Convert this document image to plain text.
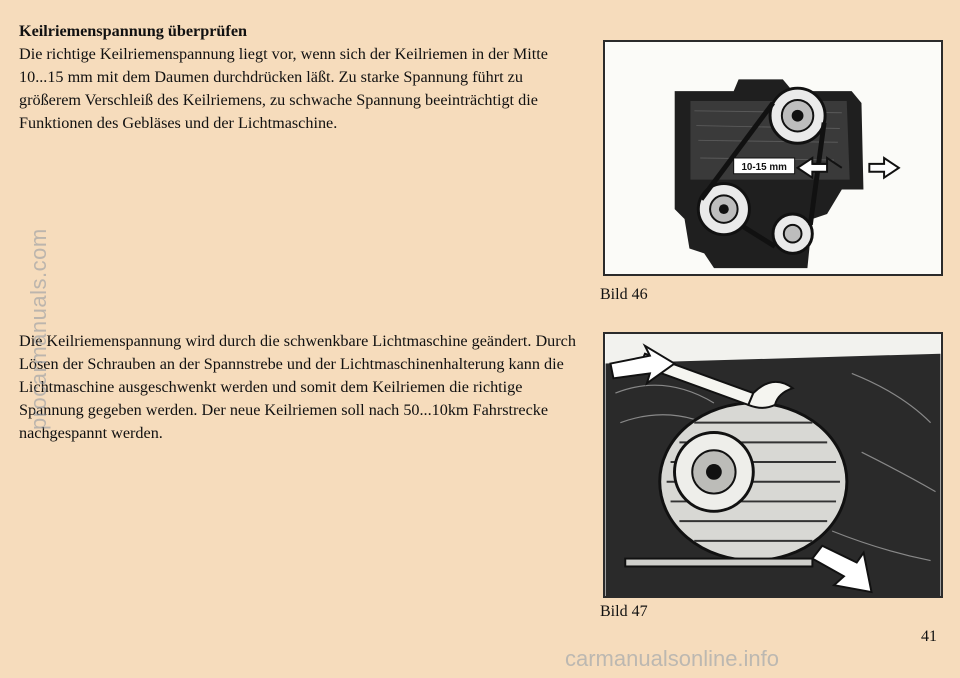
Keilriemenspannung überprüfen

Die richtige Keilriemenspannung liegt vor, wenn sich der Keilriemen in der Mitte 10...15 mm mit dem Daumen durchdrücken läßt. Zu starke Spannung führt zu größerem Verschleiß des Keilriemens, zu schwache Spannung beeinträchtigt die Funktionen des Gebläses und der Lichtmaschine.

10-15 mm
Bild 46

Die Keilriemenspannung wird durch die schwenkbare Lichtmaschine geändert. Durch Lösen der Schrauben an der Spannstrebe und der Lichtmaschinenhalterung kann die Lichtmaschine ausgeschwenkt werden und somit dem Keilriemen die richtige Spannung gegeben werden. Der neue Keilriemen soll nach 50...10km Fahrstrecke nachgespannt werden.

Bild 47
41
procarmanuals.com
carmanualsonline.info
